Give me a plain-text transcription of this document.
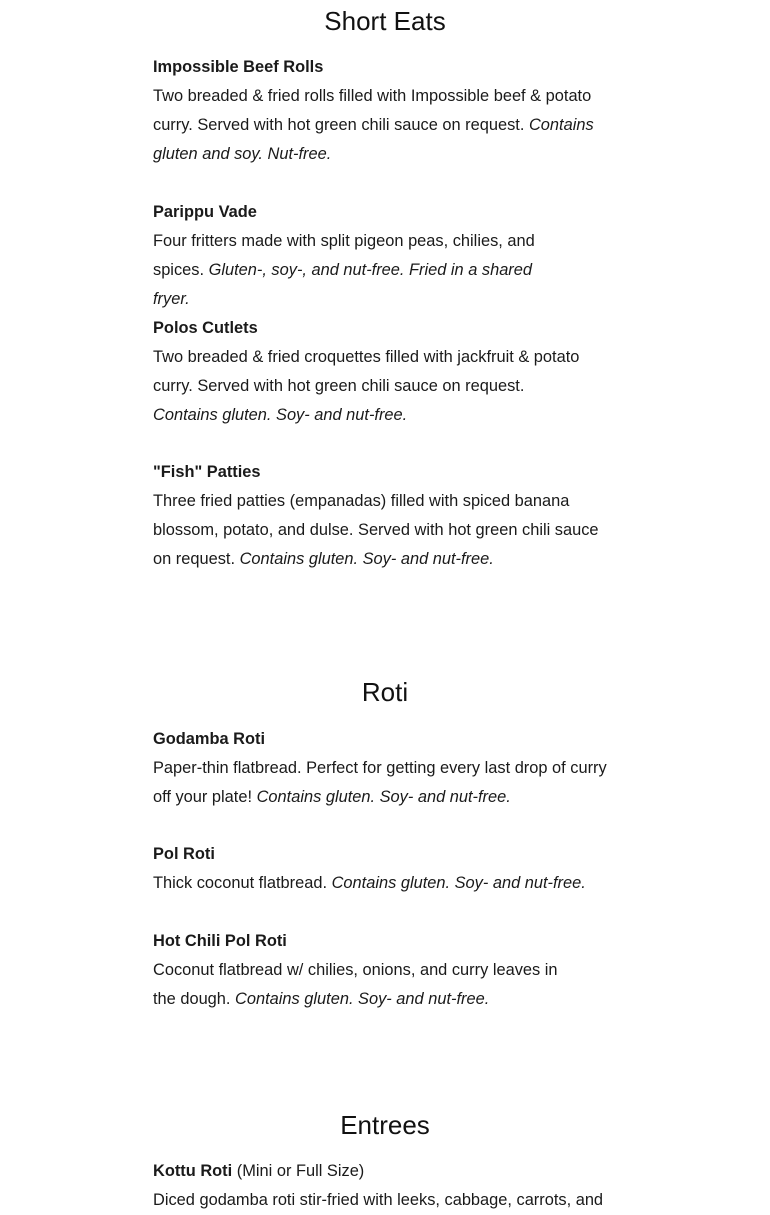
Short Eats
Impossible Beef Rolls
Two breaded & fried rolls filled with Impossible beef & potato curry. Served with hot green chili sauce on request. Contains gluten and soy. Nut-free.
Parippu Vade
Four fritters made with split pigeon peas, chilies, and spices. Gluten-, soy-, and nut-free. Fried in a shared fryer.
Polos Cutlets
Two breaded & fried croquettes filled with jackfruit & potato curry. Served with hot green chili sauce on request. Contains gluten. Soy- and nut-free.
"Fish" Patties
Three fried patties (empanadas) filled with spiced banana blossom, potato, and dulse. Served with hot green chili sauce on request. Contains gluten. Soy- and nut-free.
Roti
Godamba Roti
Paper-thin flatbread. Perfect for getting every last drop of curry off your plate! Contains gluten. Soy- and nut-free.
Pol Roti
Thick coconut flatbread. Contains gluten. Soy- and nut-free.
Hot Chili Pol Roti
Coconut flatbread w/ chilies, onions, and curry leaves in the dough. Contains gluten. Soy- and nut-free.
Entrees
Kottu Roti (Mini or Full Size)
Diced godamba roti stir-fried with leeks, cabbage, carrots, and
